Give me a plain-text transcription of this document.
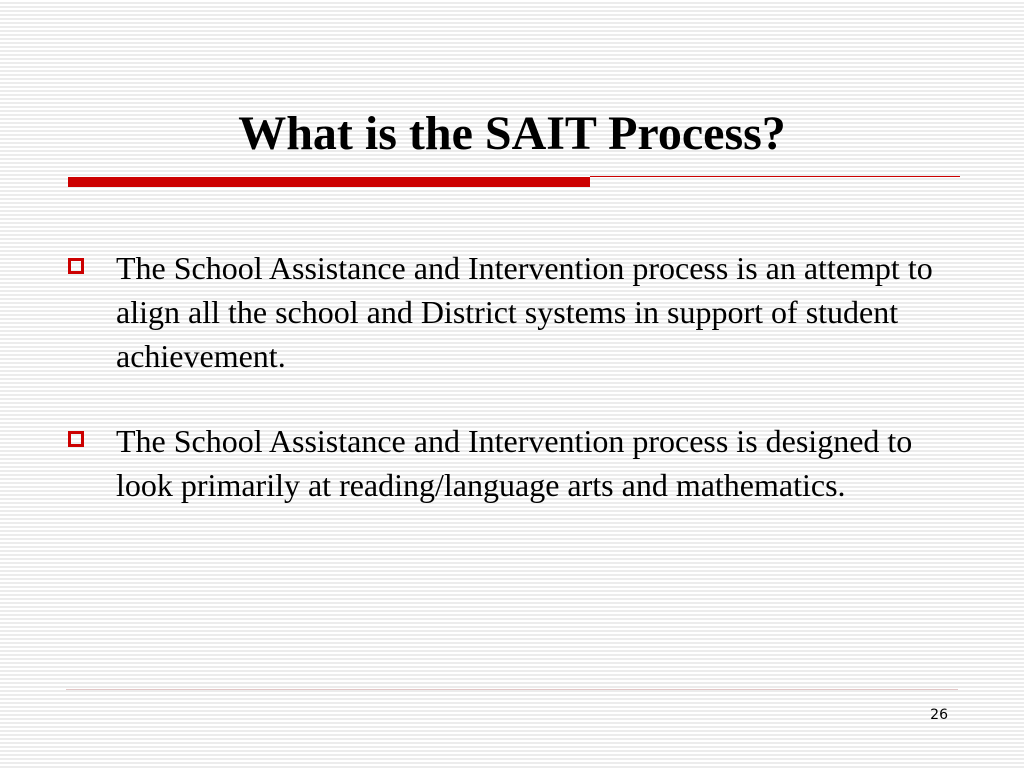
What is the SAIT Process?
The School Assistance and Intervention process is an attempt to align all the school and District systems in support of student achievement.
The School Assistance and Intervention process is designed to look primarily at reading/language arts and mathematics.
26
